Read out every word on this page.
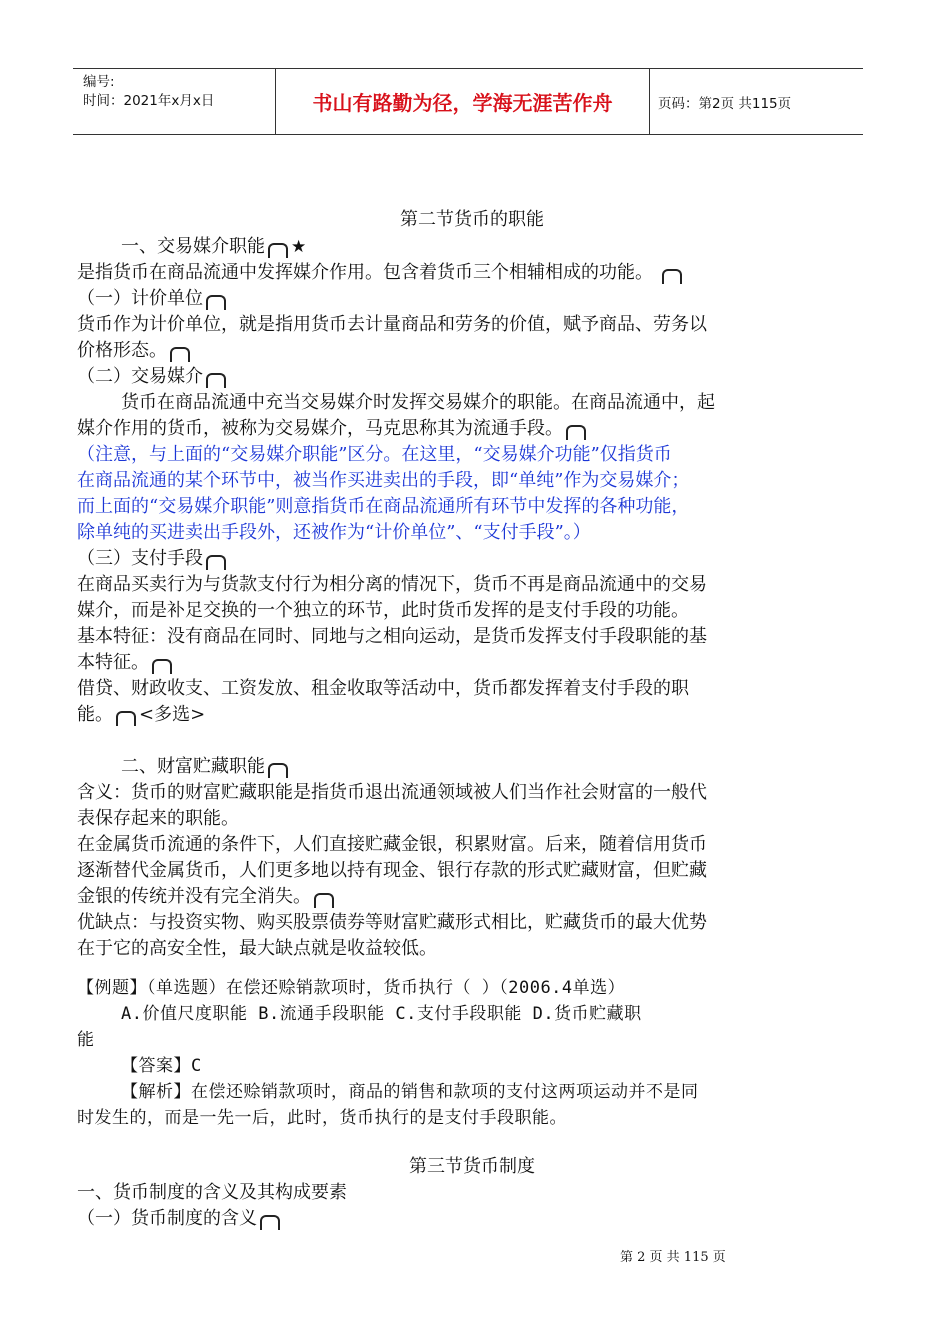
编号:
时间：2021年x月x日	书山有路勤为径，学海无涯苦作舟	页码：第2页 共115页
第二节货币的职能
一、交易媒介职能 ★
是指货币在商品流通中发挥媒介作用。包含着货币三个相辅相成的功能。
（一）计价单位
货币作为计价单位，就是指用货币去计量商品和劳务的价值，赋予商品、劳务以
价格形态。
（二）交易媒介
货币在商品流通中充当交易媒介时发挥交易媒介的职能。在商品流通中，起
媒介作用的货币，被称为交易媒介，马克思称其为流通手段。
（注意，与上面的“交易媒介职能”区分。在这里，“交易媒介功能”仅指货币
在商品流通的某个环节中，被当作买进卖出的手段，即“单纯”作为交易媒介；
而上面的“交易媒介职能”则意指货币在商品流通所有环节中发挥的各种功能，
除单纯的买进卖出手段外，还被作为“计价单位”、“支付手段”。）
（三）支付手段
在商品买卖行为与货款支付行为相分离的情况下，货币不再是商品流通中的交易
媒介，而是补足交换的一个独立的环节，此时货币发挥的是支付手段的功能。
基本特征：没有商品在同时、同地与之相向运动，是货币发挥支付手段职能的基
本特征。
借贷、财政收支、工资发放、租金收取等活动中，货币都发挥着支付手段的职
能。 <多选>
二、财富贮藏职能
含义：货币的财富贮藏职能是指货币退出流通领域被人们当作社会财富的一般代
表保存起来的职能。
在金属货币流通的条件下，人们直接贮藏金银，积累财富。后来，随着信用货币
逐渐替代金属货币，人们更多地以持有现金、银行存款的形式贮藏财富，但贮藏
金银的传统并没有完全消失。
优缺点：与投资实物、购买股票债券等财富贮藏形式相比，贮藏货币的最大优势
在于它的高安全性，最大缺点就是收益较低。
【例题】（单选题）在偿还赊销款项时，货币执行（ ）（2006.4单选）
A.价值尺度职能 B.流通手段职能 C.支付手段职能 D.货币贮藏职
能
【答案】C
【解析】在偿还赊销款项时，商品的销售和款项的支付这两项运动并不是同
时发生的，而是一先一后，此时，货币执行的是支付手段职能。
第三节货币制度
一、货币制度的含义及其构成要素
（一）货币制度的含义
第 2 页 共 115 页
